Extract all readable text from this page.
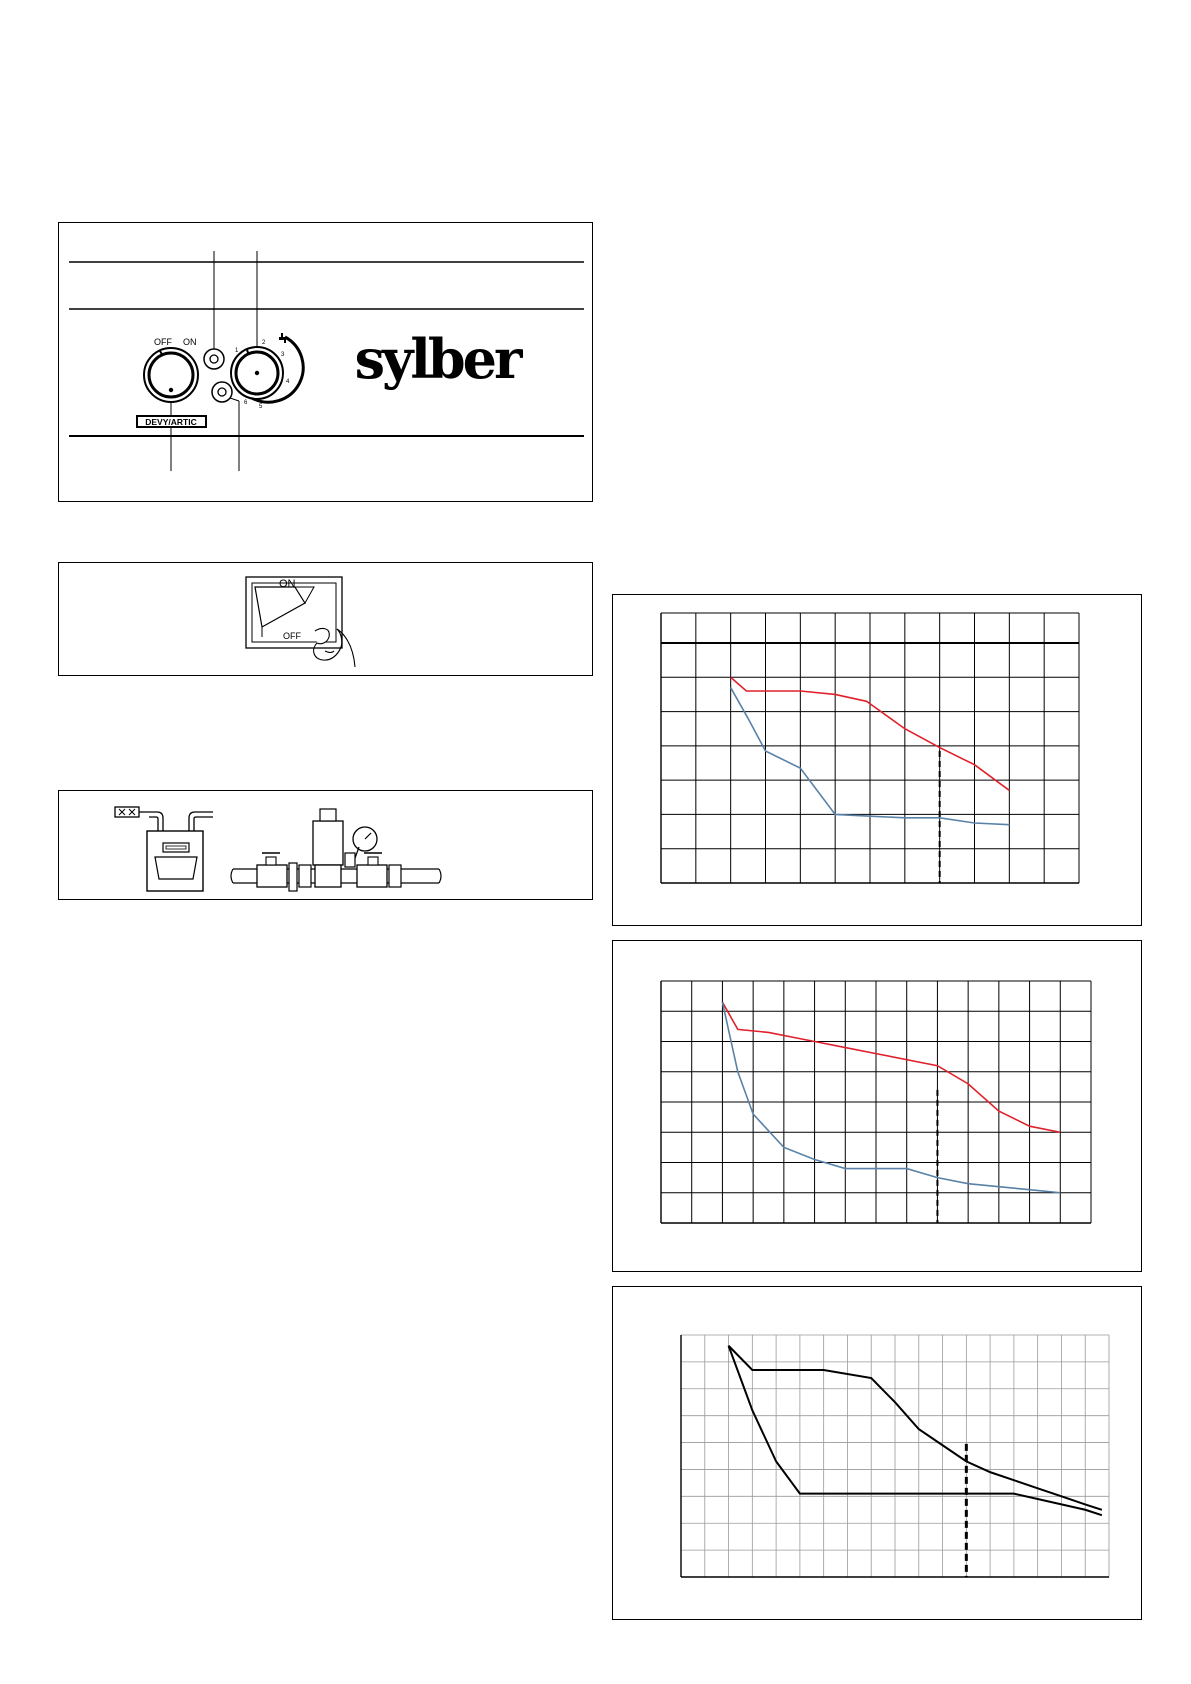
OFF ON
DEVY/ARTIC
1
2
3
4
5
6
sylber
ON
OFF
